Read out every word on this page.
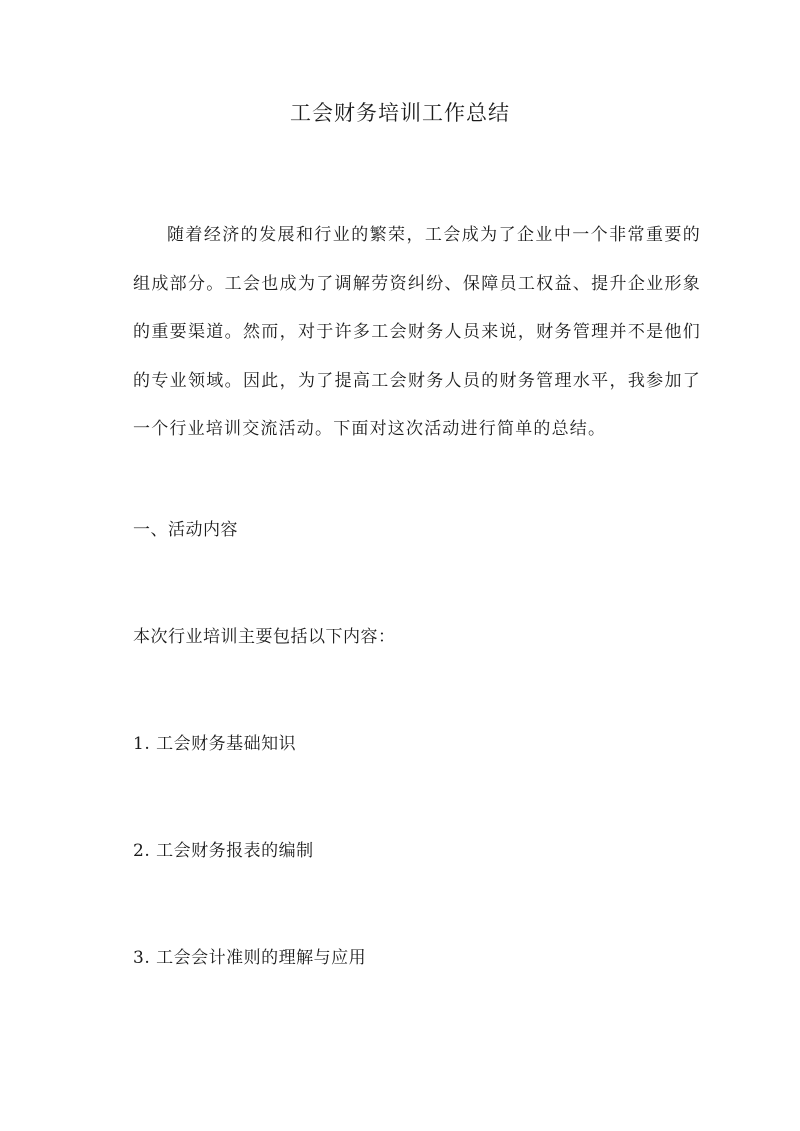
工会财务培训工作总结

随着经济的发展和行业的繁荣，工会成为了企业中一个非常重要的组成部分。工会也成为了调解劳资纠纷、保障员工权益、提升企业形象的重要渠道。然而，对于许多工会财务人员来说，财务管理并不是他们的专业领域。因此，为了提高工会财务人员的财务管理水平，我参加了一个行业培训交流活动。下面对这次活动进行简单的总结。

一、活动内容
本次行业培训主要包括以下内容：
1. 工会财务基础知识
2. 工会财务报表的编制
3. 工会会计准则的理解与应用
